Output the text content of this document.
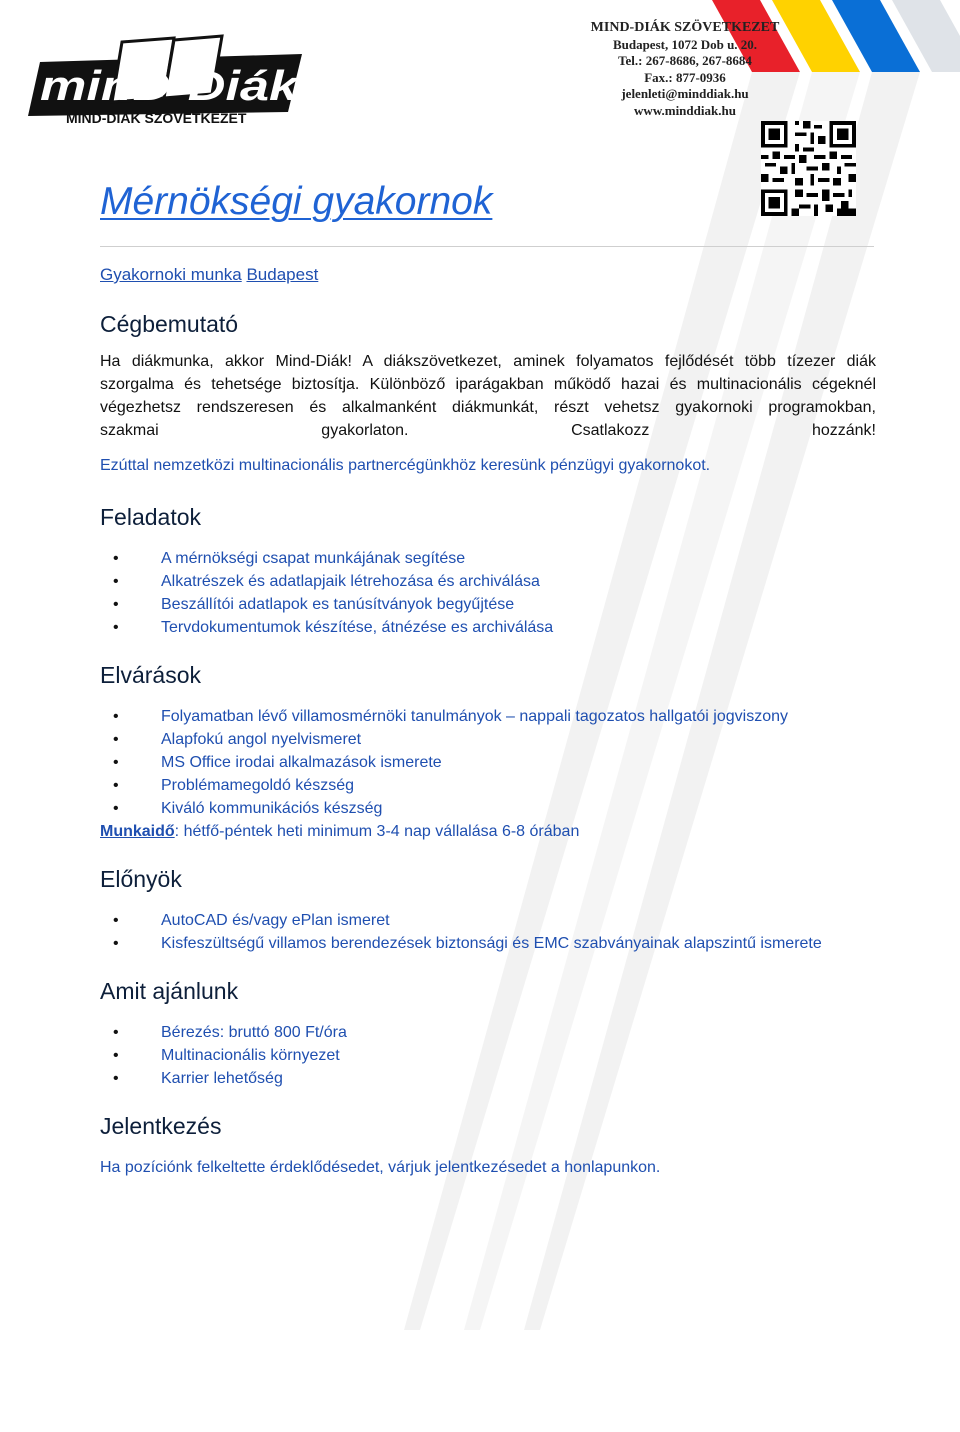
minD-Diák
MIND-DIÁK SZÖVETKEZET
MIND-DIÁK SZÖVETKEZET
Budapest, 1072 Dob u. 20.
Tel.: 267-8686, 267-8684
Fax.: 877-0936
jelenleti@minddiak.hu
www.minddiak.hu
Mérnökségi gyakornok

Gyakornoki munka Budapest

Cégbemutató

Ha diákmunka, akkor Mind-Diák! A diákszövetkezet, aminek folyamatos fejlődését több tízezer diák

szorgalma és tehetsége biztosítja. Különböző iparágakban működő hazai és multinacionális cégeknél

végezhetsz rendszeresen és alkalmanként diákmunkát, részt vehetsz gyakornoki programokban,

szakmai gyakorlaton. Csatlakozz hozzánk!

Ezúttal nemzetközi multinacionális partnercégünkhöz keresünk pénzügyi gyakornokot.

Feladatok
• A mérnökségi csapat munkájának segítése
• Alkatrészek és adatlapjaik létrehozása és archiválása
• Beszállítói adatlapok es tanúsítványok begyűjtése
• Tervdokumentumok készítése, átnézése es archiválása
Elvárások
• Folyamatban lévő villamosmérnöki tanulmányok – nappali tagozatos hallgatói jogviszony
• Alapfokú angol nyelvismeret
• MS Office irodai alkalmazások ismerete
• Problémamegoldó készség
• Kiváló kommunikációs készség

Munkaidő: hétfő-péntek heti minimum 3-4 nap vállalása 6-8 órában

Előnyök
• AutoCAD és/vagy ePlan ismeret
• Kisfeszültségű villamos berendezések biztonsági és EMC szabványainak alapszintű ismerete
Amit ajánlunk
• Bérezés: bruttó 800 Ft/óra
• Multinacionális környezet
• Karrier lehetőség
Jelentkezés

Ha pozíciónk felkeltette érdeklődésedet, várjuk jelentkezésedet a honlapunkon.
